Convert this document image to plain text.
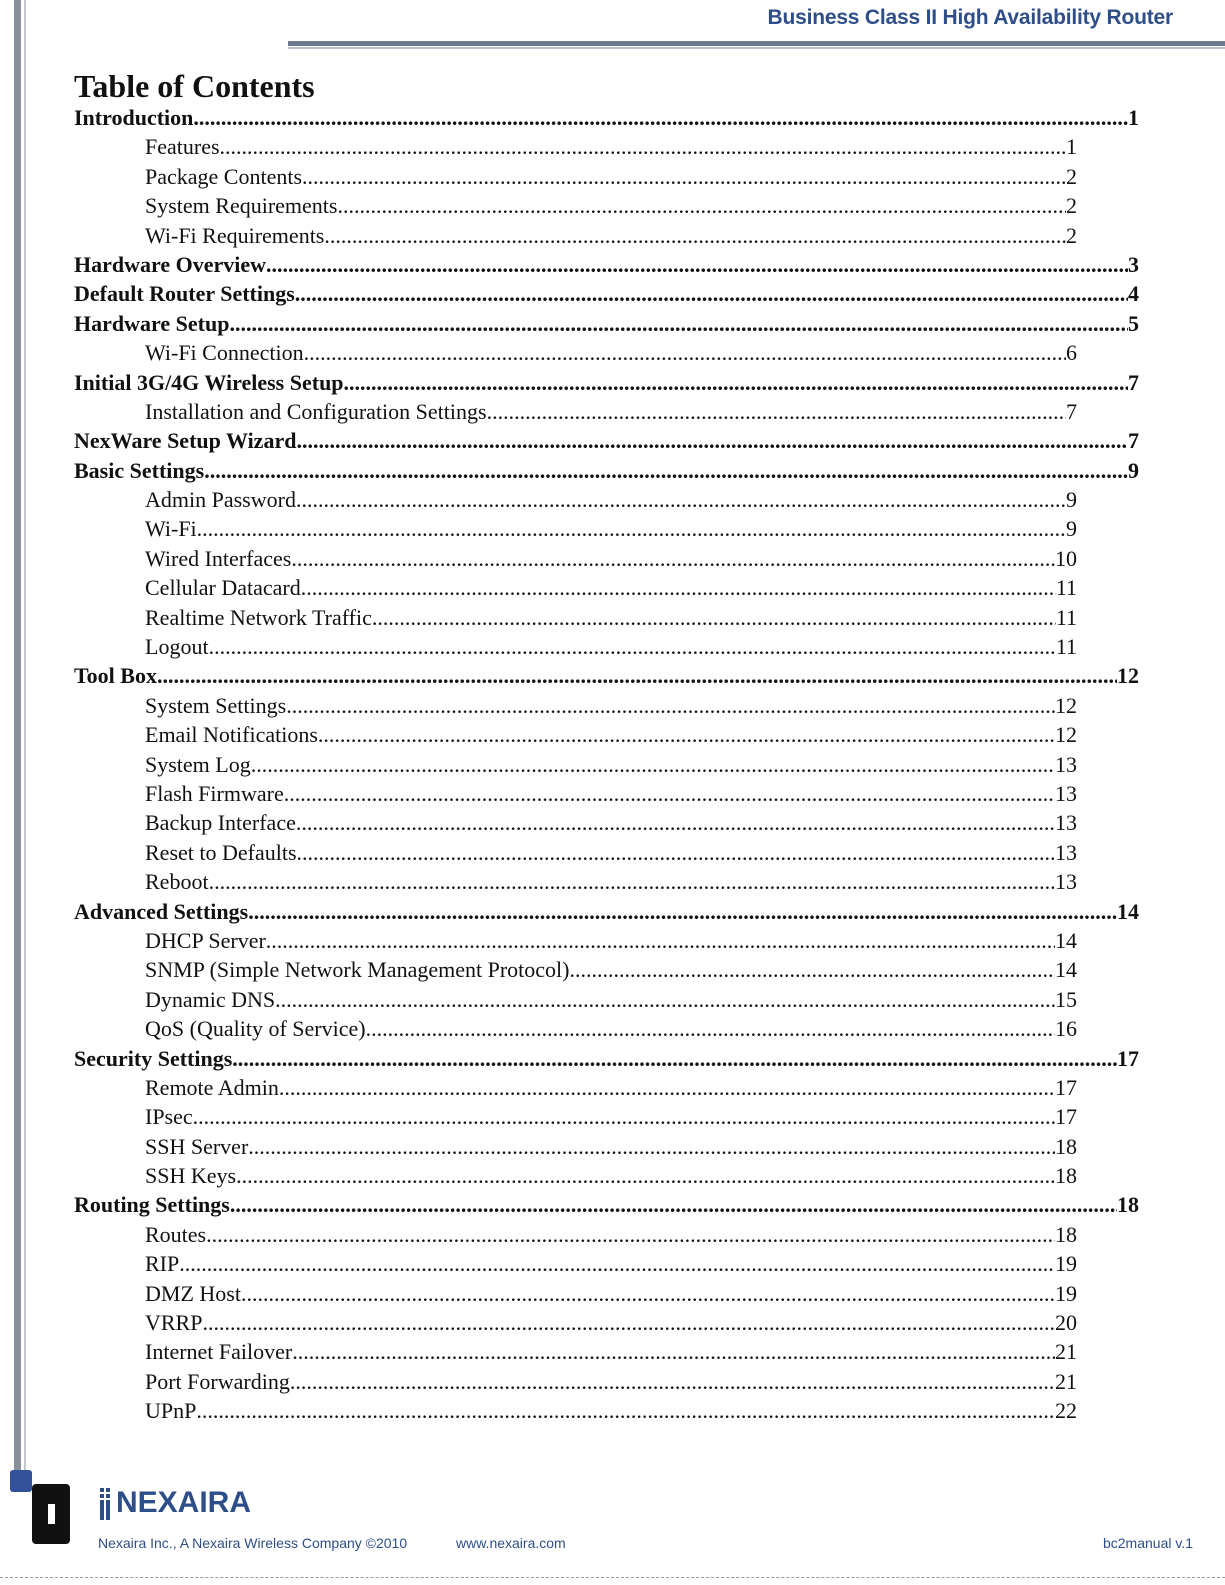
Business Class II High Availability Router
Table of Contents
Introduction .....	1
Features .....	1
Package Contents .....	2
System Requirements .....	2
Wi-Fi Requirements .....	2
Hardware Overview .....	3
Default Router Settings .....	4
Hardware Setup .....	5
Wi-Fi Connection .....	6
Initial 3G/4G Wireless Setup .....	7
Installation and Configuration Settings .....	7
NexWare Setup Wizard .....	7
Basic Settings .....	9
Admin Password .....	9
Wi-Fi .....	9
Wired Interfaces .....	10
Cellular Datacard .....	11
Realtime Network Traffic .....	11
Logout .....	11
Tool Box .....	12
System Settings .....	12
Email Notifications .....	12
System Log .....	13
Flash Firmware .....	13
Backup Interface .....	13
Reset to Defaults .....	13
Reboot .....	13
Advanced Settings .....	14
DHCP Server .....	14
SNMP (Simple Network Management Protocol) .....	14
Dynamic DNS .....	15
QoS (Quality of Service) .....	16
Security Settings .....	17
Remote Admin .....	17
IPsec .....	17
SSH Server .....	18
SSH Keys .....	18
Routing Settings .....	18
Routes .....	18
RIP .....	19
DMZ Host .....	19
VRRP .....	20
Internet Failover .....	21
Port Forwarding .....	21
UPnP .....	22
NEXAIRA
Nexaira Inc., A Nexaira Wireless Company ©2010	www.nexaira.com	bc2manual v.1
